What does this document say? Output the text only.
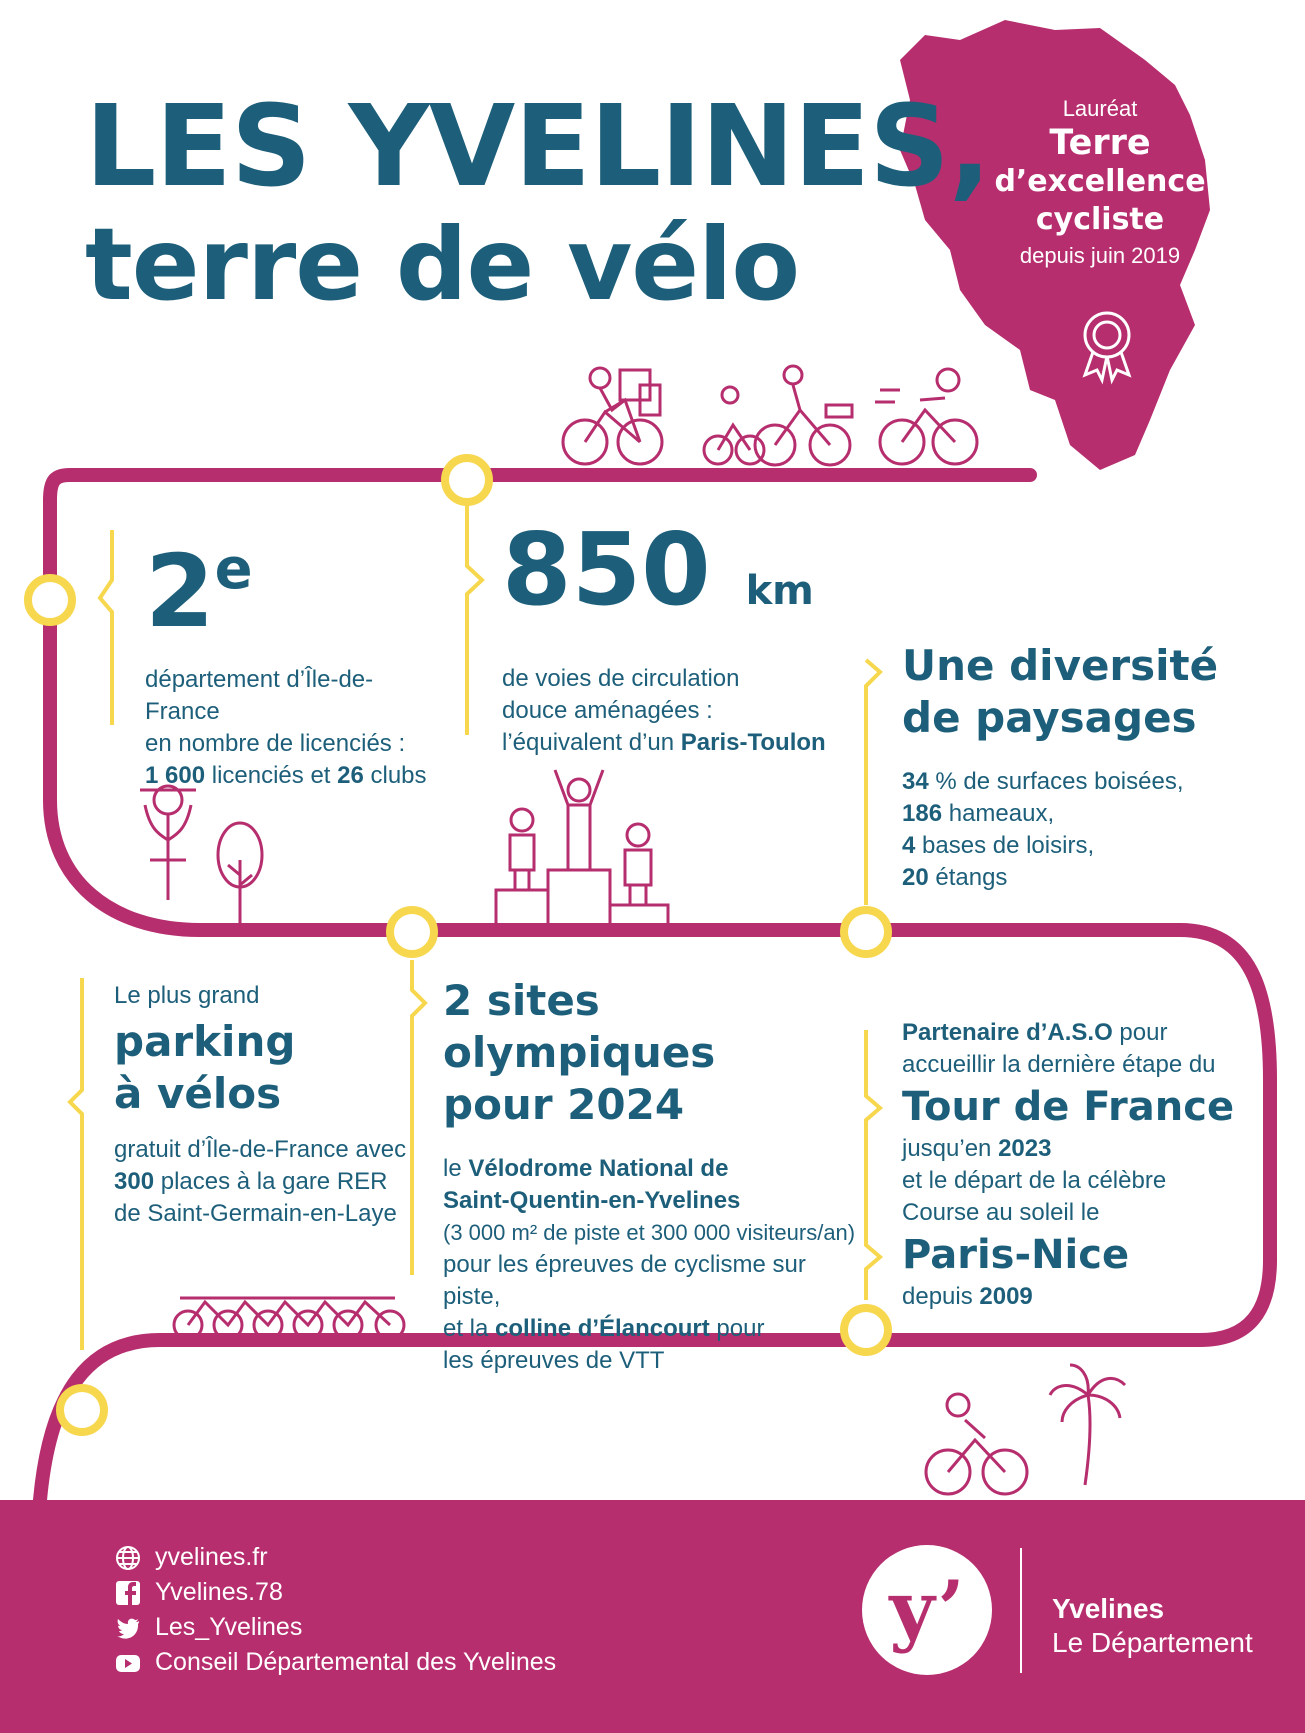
LES YVELINES,
terre de vélo
Lauréat
Terre
d’excellence
cycliste
depuis juin 2019
2e
département d’Île-de-France
en nombre de licenciés :
1 600 licenciés et 26 clubs
850 km
de voies de circulation
douce aménagées :
l’équivalent d’un Paris-Toulon
Une diversité
de paysages
34 % de surfaces boisées,
186 hameaux,
4 bases de loisirs,
20 étangs
Le plus grand
parking
à vélos
gratuit d’Île-de-France avec
300 places à la gare RER
de Saint-Germain-en-Laye
2 sites olympiques
pour 2024
le Vélodrome National de
Saint-Quentin-en-Yvelines
(3 000 m² de piste et 300 000 visiteurs/an)
pour les épreuves de cyclisme sur piste,
et la colline d’Élancourt pour
les épreuves de VTT
Partenaire d’A.S.O pour
accueillir la dernière étape du
Tour de France
jusqu’en 2023
et le départ de la célèbre
Course au soleil le
Paris-Nice
depuis 2009
yvelines.fr
Yvelines.78
Les_Yvelines
Conseil Départemental des Yvelines
y’	Yvelines
Le Département
